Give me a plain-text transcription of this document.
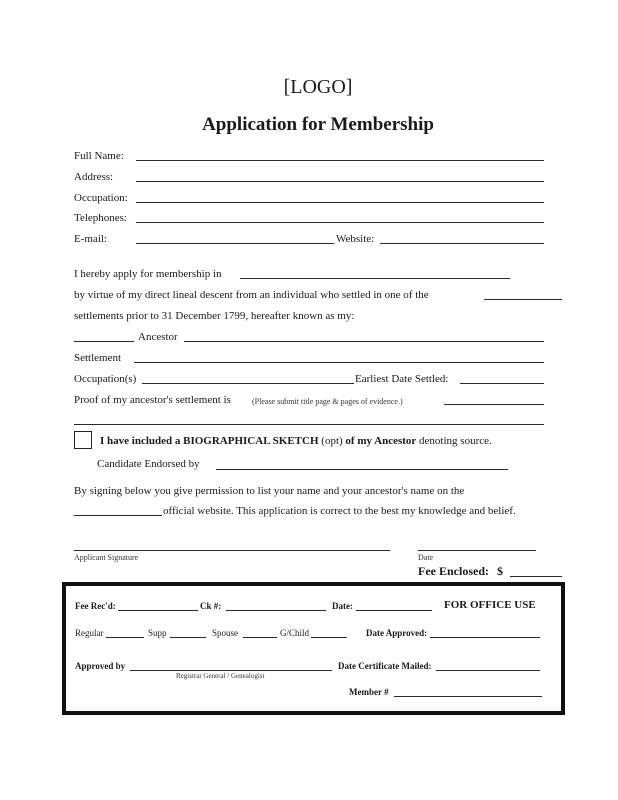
[LOGO]
Application for Membership
Full Name:
Address:
Occupation:
Telephones:
E-mail:	Website:
I hereby apply for membership in
by virtue of my direct lineal descent from an individual who settled in one of the
settlements prior to 31 December 1799, hereafter known as my:
Ancestor
Settlement
Occupation(s)	Earliest Date Settled:
Proof of my ancestor's settlement is	(Please submit title page & pages of evidence.)
I have included a BIOGRAPHICAL SKETCH (opt) of my Ancestor denoting source.
Candidate Endorsed by
By signing below you give permission to list your name and your ancestor's name on the
official website. This application is correct to the best my knowledge and belief.
Applicant Signature	Date
Fee Enclosed: $
Fee Rec'd:	Ck #:	Date:	FOR OFFICE USE
Regular	Supp	Spouse	G/Child	Date Approved:
Approved by
Registrar General / Genealogist
Date Certificate Mailed:
Member #
